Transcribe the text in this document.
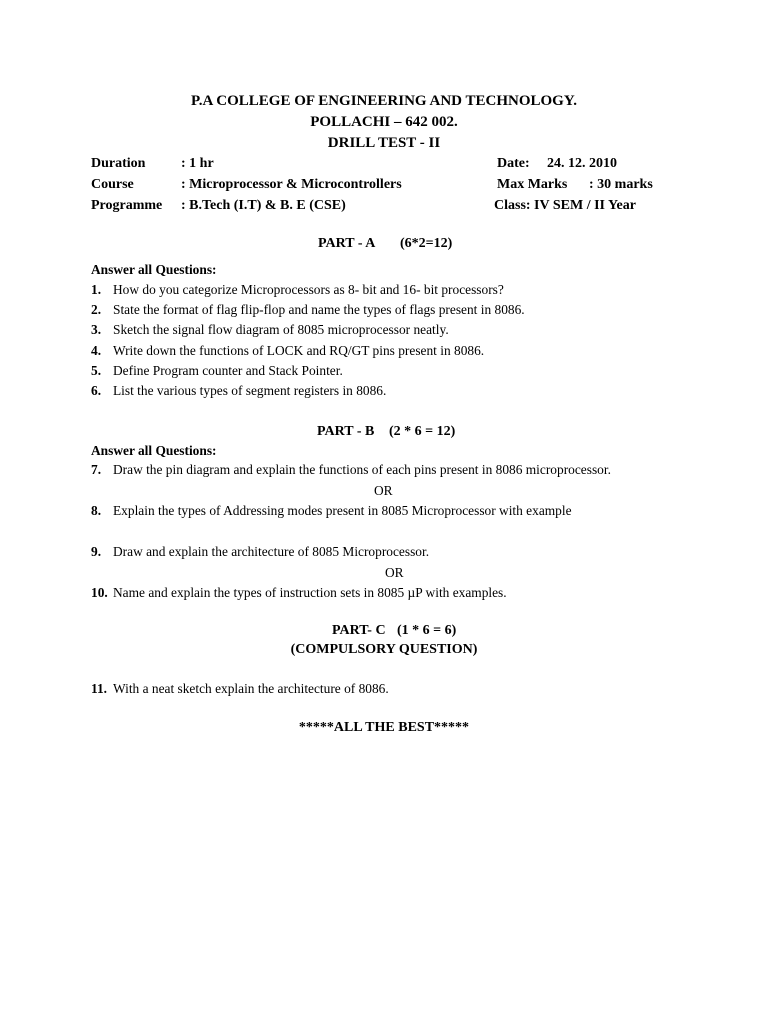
P.A COLLEGE OF ENGINEERING AND TECHNOLOGY.
POLLACHI – 642 002.
DRILL TEST - II
Duration	: 1 hr	Date: 24. 12. 2010
Course	: Microprocessor & Microcontrollers	Max Marks : 30 marks
Programme : B.Tech (I.T) & B. E (CSE)	Class: IV SEM / II Year
PART - A (6*2=12)
Answer all Questions:
1. How do you categorize Microprocessors as 8- bit and 16- bit processors?
2. State the format of flag flip-flop and name the types of flags present in 8086.
3. Sketch the signal flow diagram of 8085 microprocessor neatly.
4. Write down the functions of LOCK and RQ/GT pins present in 8086.
5. Define Program counter and Stack Pointer.
6. List the various types of segment registers in 8086.
PART - B (2 * 6 = 12)
Answer all Questions:
7. Draw the pin diagram and explain the functions of each pins present in 8086 microprocessor.
OR
8. Explain the types of Addressing modes present in 8085 Microprocessor with example
9. Draw and explain the architecture of 8085 Microprocessor.
OR
10. Name and explain the types of instruction sets in 8085 µP with examples.
PART- C (1 * 6 = 6)
(COMPULSORY QUESTION)
11. With a neat sketch explain the architecture of 8086.
*****ALL THE BEST*****
